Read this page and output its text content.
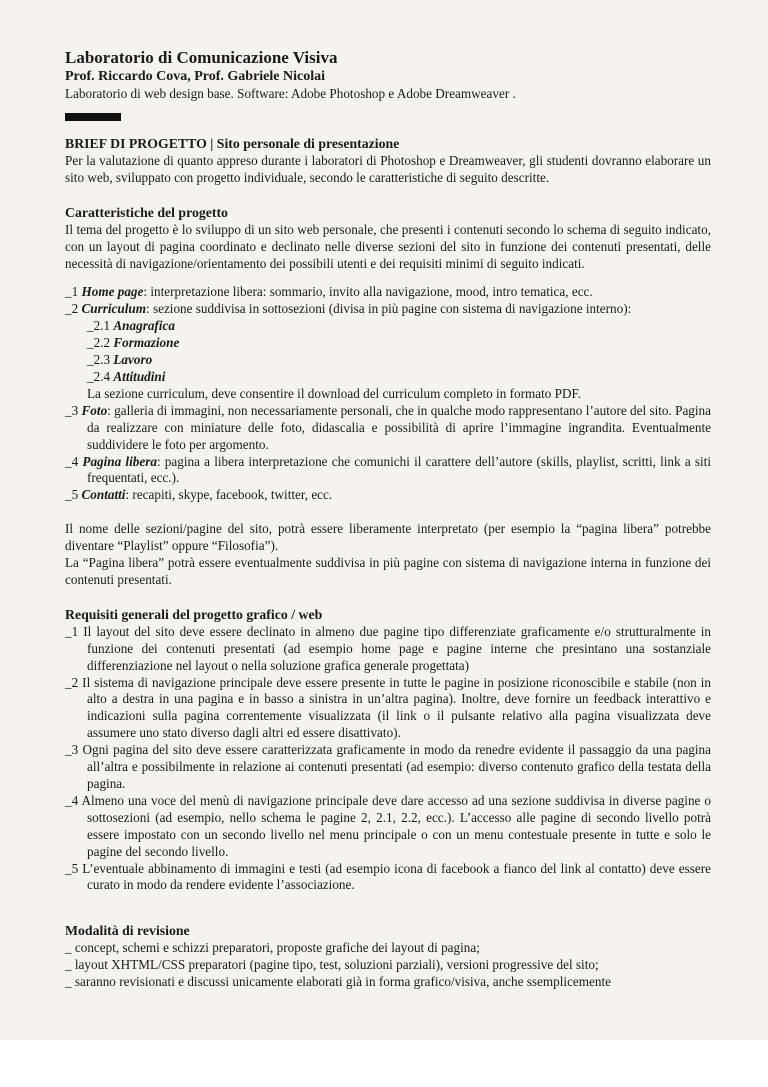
Laboratorio di Comunicazione Visiva
Prof. Riccardo Cova, Prof. Gabriele Nicolai
Laboratorio di web design base. Software: Adobe Photoshop e Adobe Dreamweaver .
BRIEF DI PROGETTO | Sito personale di presentazione
Per la valutazione di quanto appreso durante i laboratori di Photoshop e Dreamweaver, gli studenti dovranno elaborare un sito web, sviluppato con progetto individuale, secondo le caratteristiche di seguito descritte.
Caratteristiche del progetto
Il tema del progetto è lo sviluppo di un sito web personale, che presenti i contenuti secondo lo schema di seguito indicato, con un layout di pagina coordinato e declinato nelle diverse sezioni del sito in funzione dei contenuti presentati, delle necessità di navigazione/orientamento dei possibili utenti e dei requisiti minimi di seguito indicati.
_1 Home page: interpretazione libera: sommario, invito alla navigazione, mood, intro tematica, ecc.
_2 Curriculum: sezione suddivisa in sottosezioni (divisa in più pagine con sistema di navigazione interno):
_2.1 Anagrafica
_2.2 Formazione
_2.3 Lavoro
_2.4 Attitudini
La sezione curriculum, deve consentire il download del curriculum completo in formato PDF.
_3 Foto: galleria di immagini, non necessariamente personali, che in qualche modo rappresentano l’autore del sito. Pagina da realizzare con miniature delle foto, didascalia e possibilità di aprire l’immagine ingrandita. Eventualmente suddividere le foto per argomento.
_4 Pagina libera: pagina a libera interpretazione che comunichi il carattere dell’autore (skills, playlist, scritti, link a siti frequentati, ecc.).
_5 Contatti: recapiti, skype, facebook, twitter, ecc.
Il nome delle sezioni/pagine del sito, potrà essere liberamente interpretato (per esempio la “pagina libera” potrebbe diventare “Playlist” oppure “Filosofia”).
La “Pagina libera” potrà essere eventualmente suddivisa in più pagine con sistema di navigazione interna in funzione dei contenuti presentati.
Requisiti generali del progetto grafico / web
_1 Il layout del sito deve essere declinato in almeno due pagine tipo differenziate graficamente e/o strutturalmente in funzione dei contenuti presentati (ad esempio home page e pagine interne che presintano una sostanziale differenziazione nel layout o nella soluzione grafica generale progettata)
_2 Il sistema di navigazione principale deve essere presente in tutte le pagine in posizione riconoscibile e stabile (non in alto a destra in una pagina e in basso a sinistra in un’altra pagina). Inoltre, deve fornire un feedback interattivo e indicazioni sulla pagina correntemente visualizzata (il link o il pulsante relativo alla pagina visualizzata deve assumere uno stato diverso dagli altri ed essere disattivato).
_3 Ogni pagina del sito deve essere caratterizzata graficamente in modo da renedre evidente il passaggio da una pagina all’altra e possibilmente in relazione ai contenuti presentati (ad esempio: diverso contenuto grafico della testata della pagina.
_4 Almeno una voce del menù di navigazione principale deve dare accesso ad una sezione suddivisa in diverse pagine o sottosezioni (ad esempio, nello schema le pagine 2, 2.1, 2.2, ecc.). L’accesso alle pagine di secondo livello potrà essere impostato con un secondo livello nel menu principale o con un menu contestuale presente in tutte e solo le pagine del secondo livello.
_5 L’eventuale abbinamento di immagini e testi (ad esempio icona di facebook a fianco del link al contatto) deve essere curato in modo da rendere evidente l’associazione.
Modalità di revisione
_ concept, schemi e schizzi preparatori, proposte grafiche dei layout di pagina;
_ layout XHTML/CSS preparatori (pagine tipo, test, soluzioni parziali), versioni progressive del sito;
_ saranno revisionati e discussi unicamente elaborati già in forma grafico/visiva, anche ssemplicemente
